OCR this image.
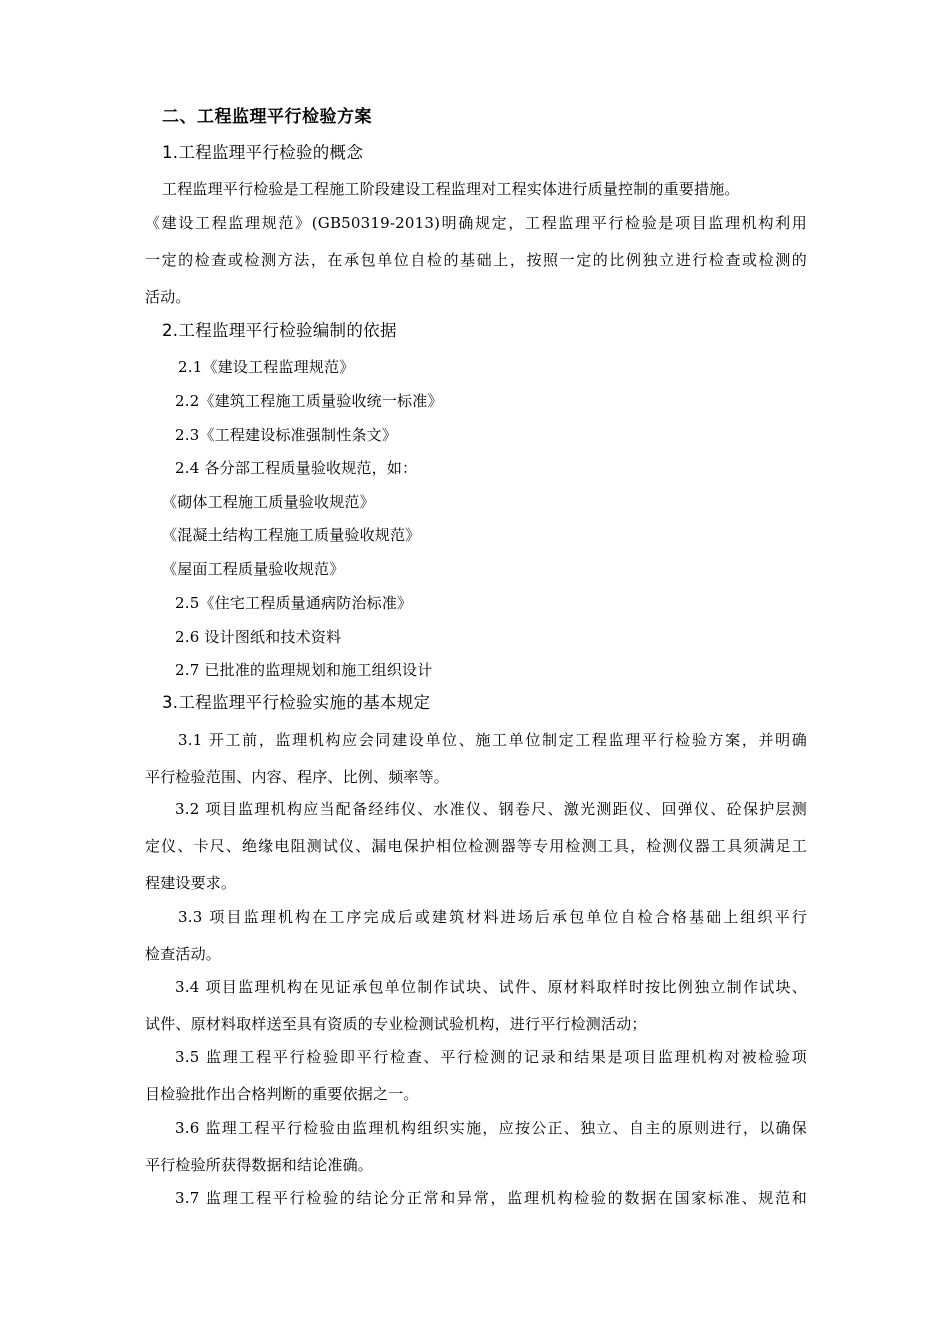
二、工程监理平行检验方案
1.工程监理平行检验的概念
工程监理平行检验是工程施工阶段建设工程监理对工程实体进行质量控制的重要措施。
《建设工程监理规范》(GB50319-2013)明确规定，工程监理平行检验是项目监理机构利用
一定的检查或检测方法，在承包单位自检的基础上，按照一定的比例独立进行检查或检测的
活动。
2.工程监理平行检验编制的依据
2.1《建设工程监理规范》
2.2《建筑工程施工质量验收统一标准》
2.3《工程建设标准强制性条文》
2.4 各分部工程质量验收规范，如：
《砌体工程施工质量验收规范》
《混凝土结构工程施工质量验收规范》
《屋面工程质量验收规范》
2.5《住宅工程质量通病防治标准》
2.6 设计图纸和技术资料
2.7 已批准的监理规划和施工组织设计
3.工程监理平行检验实施的基本规定
3.1 开工前，监理机构应会同建设单位、施工单位制定工程监理平行检验方案，并明确
平行检验范围、内容、程序、比例、频率等。
3.2 项目监理机构应当配备经纬仪、水准仪、钢卷尺、激光测距仪、回弹仪、砼保护层测
定仪、卡尺、绝缘电阻测试仪、漏电保护相位检测器等专用检测工具，检测仪器工具须满足工
程建设要求。
3.3 项目监理机构在工序完成后或建筑材料进场后承包单位自检合格基础上组织平行
检查活动。
3.4 项目监理机构在见证承包单位制作试块、试件、原材料取样时按比例独立制作试块、
试件、原材料取样送至具有资质的专业检测试验机构，进行平行检测活动；
3.5 监理工程平行检验即平行检查、平行检测的记录和结果是项目监理机构对被检验项
目检验批作出合格判断的重要依据之一。
3.6 监理工程平行检验由监理机构组织实施，应按公正、独立、自主的原则进行，以确保
平行检验所获得数据和结论准确。
3.7 监理工程平行检验的结论分正常和异常，监理机构检验的数据在国家标准、规范和
